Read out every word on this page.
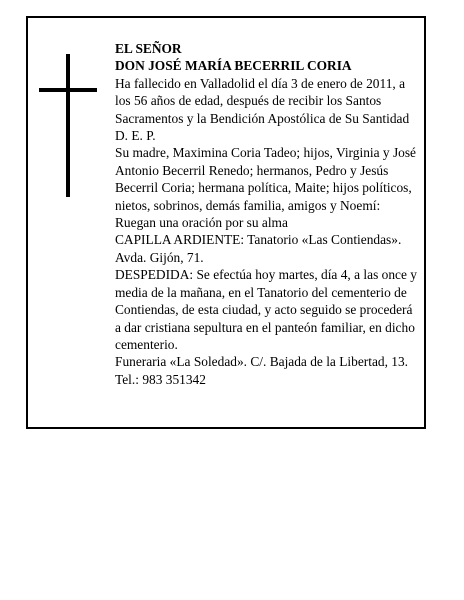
EL SEÑOR

DON JOSÉ MARÍA BECERRIL CORIA

Ha fallecido en Valladolid el día 3 de enero de 2011, a los 56 años de edad, después de recibir los Santos Sacramentos y la Bendición Apostólica de Su Santidad D. E. P.

Su madre, Maximina Coria Tadeo; hijos, Virginia y José Antonio Becerril Renedo; hermanos, Pedro y Jesús Becerril Coria; hermana política, Maite; hijos políticos, nietos, sobrinos, demás familia, amigos y Noemí:

Ruegan una oración por su alma

CAPILLA ARDIENTE: Tanatorio «Las Contiendas». Avda. Gijón, 71.

DESPEDIDA: Se efectúa hoy martes, día 4, a las once y media de la mañana, en el Tanatorio del cementerio de Contiendas, de esta ciudad, y acto seguido se procederá a dar cristiana sepultura en el panteón familiar, en dicho cementerio.

Funeraria «La Soledad». C/. Bajada de la Libertad, 13. Tel.: 983 351342
